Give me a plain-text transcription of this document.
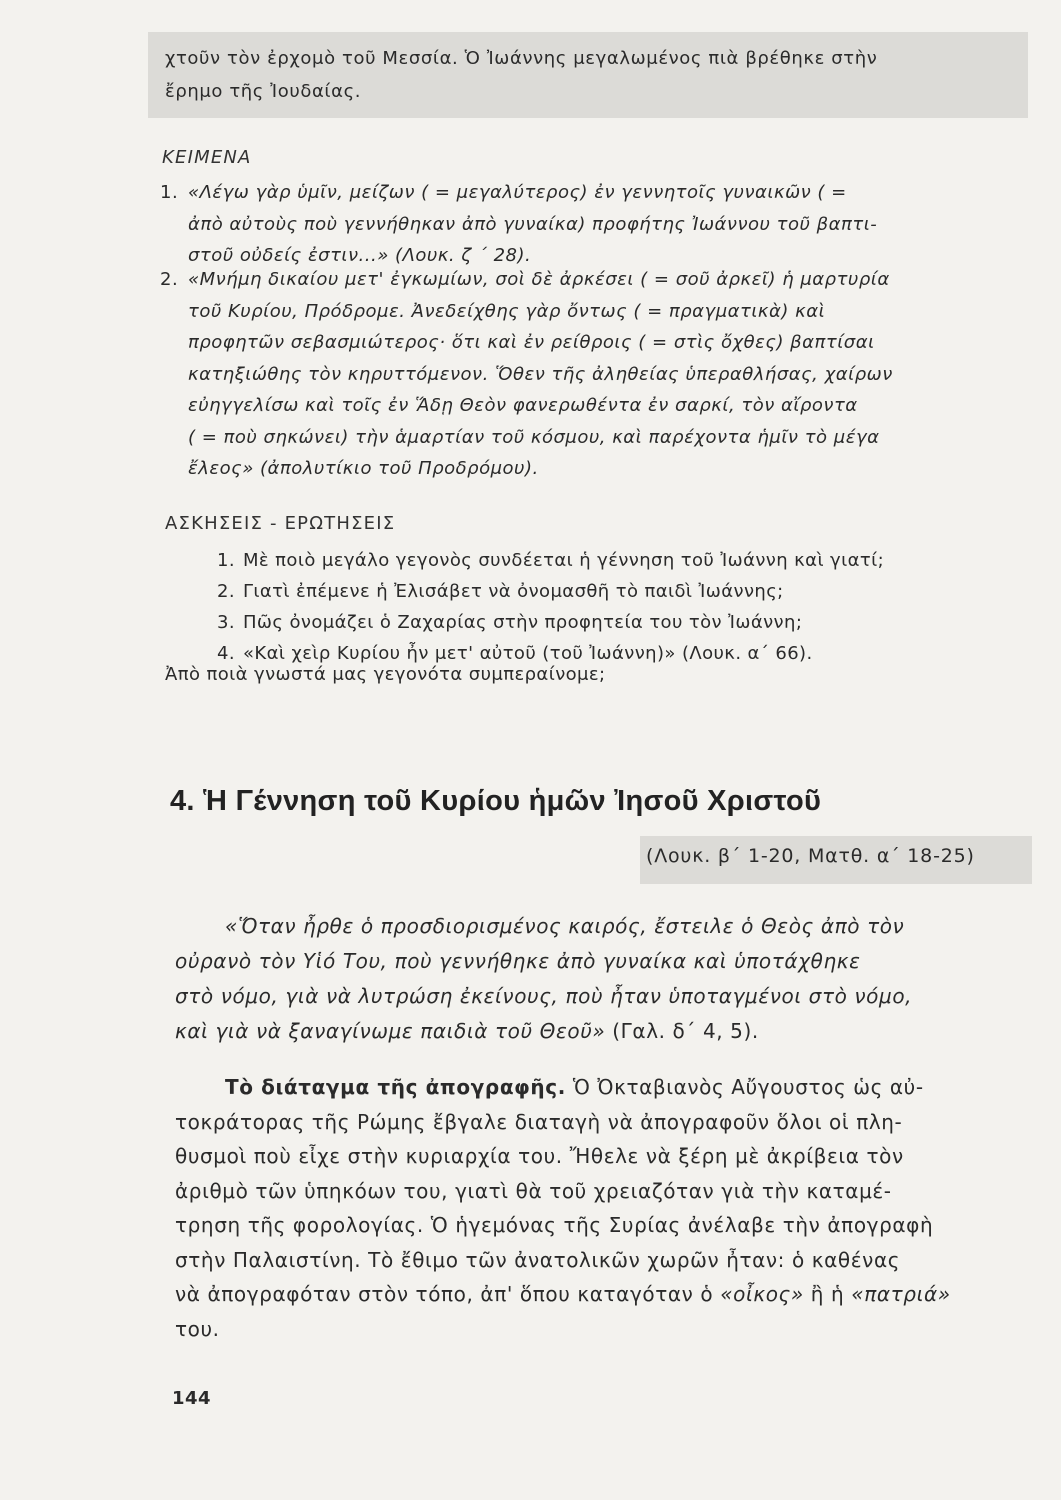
χτοῦν τὸν ἐρχομὸ τοῦ Μεσσία. Ὁ Ἰωάννης μεγαλωμένος πιὰ βρέθηκε στὴν
ἔρημο τῆς Ἰουδαίας.
ΚΕΙΜΕΝΑ
1. «Λέγω γὰρ ὑμῖν, μείζων ( = μεγαλύτερος) ἐν γεννητοῖς γυναικῶν ( =
ἀπὸ αὐτοὺς ποὺ γεννήθηκαν ἀπὸ γυναίκα) προφήτης Ἰωάννου τοῦ βαπτι-
στοῦ οὐδείς ἐστιν...» (Λουκ. ζ ΄ 28).
2. «Μνήμη δικαίου μετ' ἐγκωμίων, σοὶ δὲ ἀρκέσει ( = σοῦ ἀρκεῖ) ἡ μαρτυρία
τοῦ Κυρίου, Πρόδρομε. Ἀνεδείχθης γὰρ ὄντως ( = πραγματικὰ) καὶ
προφητῶν σεβασμιώτερος· ὅτι καὶ ἐν ρείθροις ( = στὶς ὄχθες) βαπτίσαι
κατηξιώθης τὸν κηρυττόμενον. Ὅθεν τῆς ἀληθείας ὑπεραθλήσας, χαίρων
εὐηγγελίσω καὶ τοῖς ἐν Ἅδῃ Θεὸν φανερωθέντα ἐν σαρκί, τὸν αἴροντα
( = ποὺ σηκώνει) τὴν ἁμαρτίαν τοῦ κόσμου, καὶ παρέχοντα ἡμῖν τὸ μέγα
ἔλεος» (ἀπολυτίκιο τοῦ Προδρόμου).
ΑΣΚΗΣΕΙΣ - ΕΡΩΤΗΣΕΙΣ
1. Μὲ ποιὸ μεγάλο γεγονὸς συνδέεται ἡ γέννηση τοῦ Ἰωάννη καὶ γιατί;
2. Γιατὶ ἐπέμενε ἡ Ἐλισάβετ νὰ ὀνομασθῆ τὸ παιδὶ Ἰωάννης;
3. Πῶς ὀνομάζει ὁ Ζαχαρίας στὴν προφητεία του τὸν Ἰωάννη;
4. «Καὶ χεὶρ Κυρίου ἦν μετ' αὐτοῦ (τοῦ Ἰωάννη)» (Λουκ. α΄ 66).
Ἀπὸ ποιὰ γνωστά μας γεγονότα συμπεραίνομε;
4. Ἡ Γέννηση τοῦ Κυρίου ἡμῶν Ἰησοῦ Χριστοῦ
(Λουκ. β΄ 1-20, Ματθ. α΄ 18-25)
«Ὅταν ἦρθε ὁ προσδιορισμένος καιρός, ἔστειλε ὁ Θεὸς ἀπὸ τὸν
οὐρανὸ τὸν Υἱό Του, ποὺ γεννήθηκε ἀπὸ γυναίκα καὶ ὑποτάχθηκε
στὸ νόμο, γιὰ νὰ λυτρώση ἐκείνους, ποὺ ἦταν ὑποταγμένοι στὸ νόμο,
καὶ γιὰ νὰ ξαναγίνωμε παιδιὰ τοῦ Θεοῦ» (Γαλ. δ΄ 4, 5).
Τὸ διάταγμα τῆς ἀπογραφῆς. Ὁ Ὀκταβιανὸς Αὔγουστος ὡς αὐ-
τοκράτορας τῆς Ρώμης ἔβγαλε διαταγὴ νὰ ἀπογραφοῦν ὅλοι οἱ πλη-
θυσμοὶ ποὺ εἶχε στὴν κυριαρχία του. Ἤθελε νὰ ξέρη μὲ ἀκρίβεια τὸν
ἀριθμὸ τῶν ὑπηκόων του, γιατὶ θὰ τοῦ χρειαζόταν γιὰ τὴν καταμέ-
τρηση τῆς φορολογίας. Ὁ ἡγεμόνας τῆς Συρίας ἀνέλαβε τὴν ἀπογραφὴ
στὴν Παλαιστίνη. Τὸ ἔθιμο τῶν ἀνατολικῶν χωρῶν ἦταν: ὁ καθένας
νὰ ἀπογραφόταν στὸν τόπο, ἀπ' ὅπου καταγόταν ὁ «οἶκος» ἢ ἡ «πατριά»
του.
144
